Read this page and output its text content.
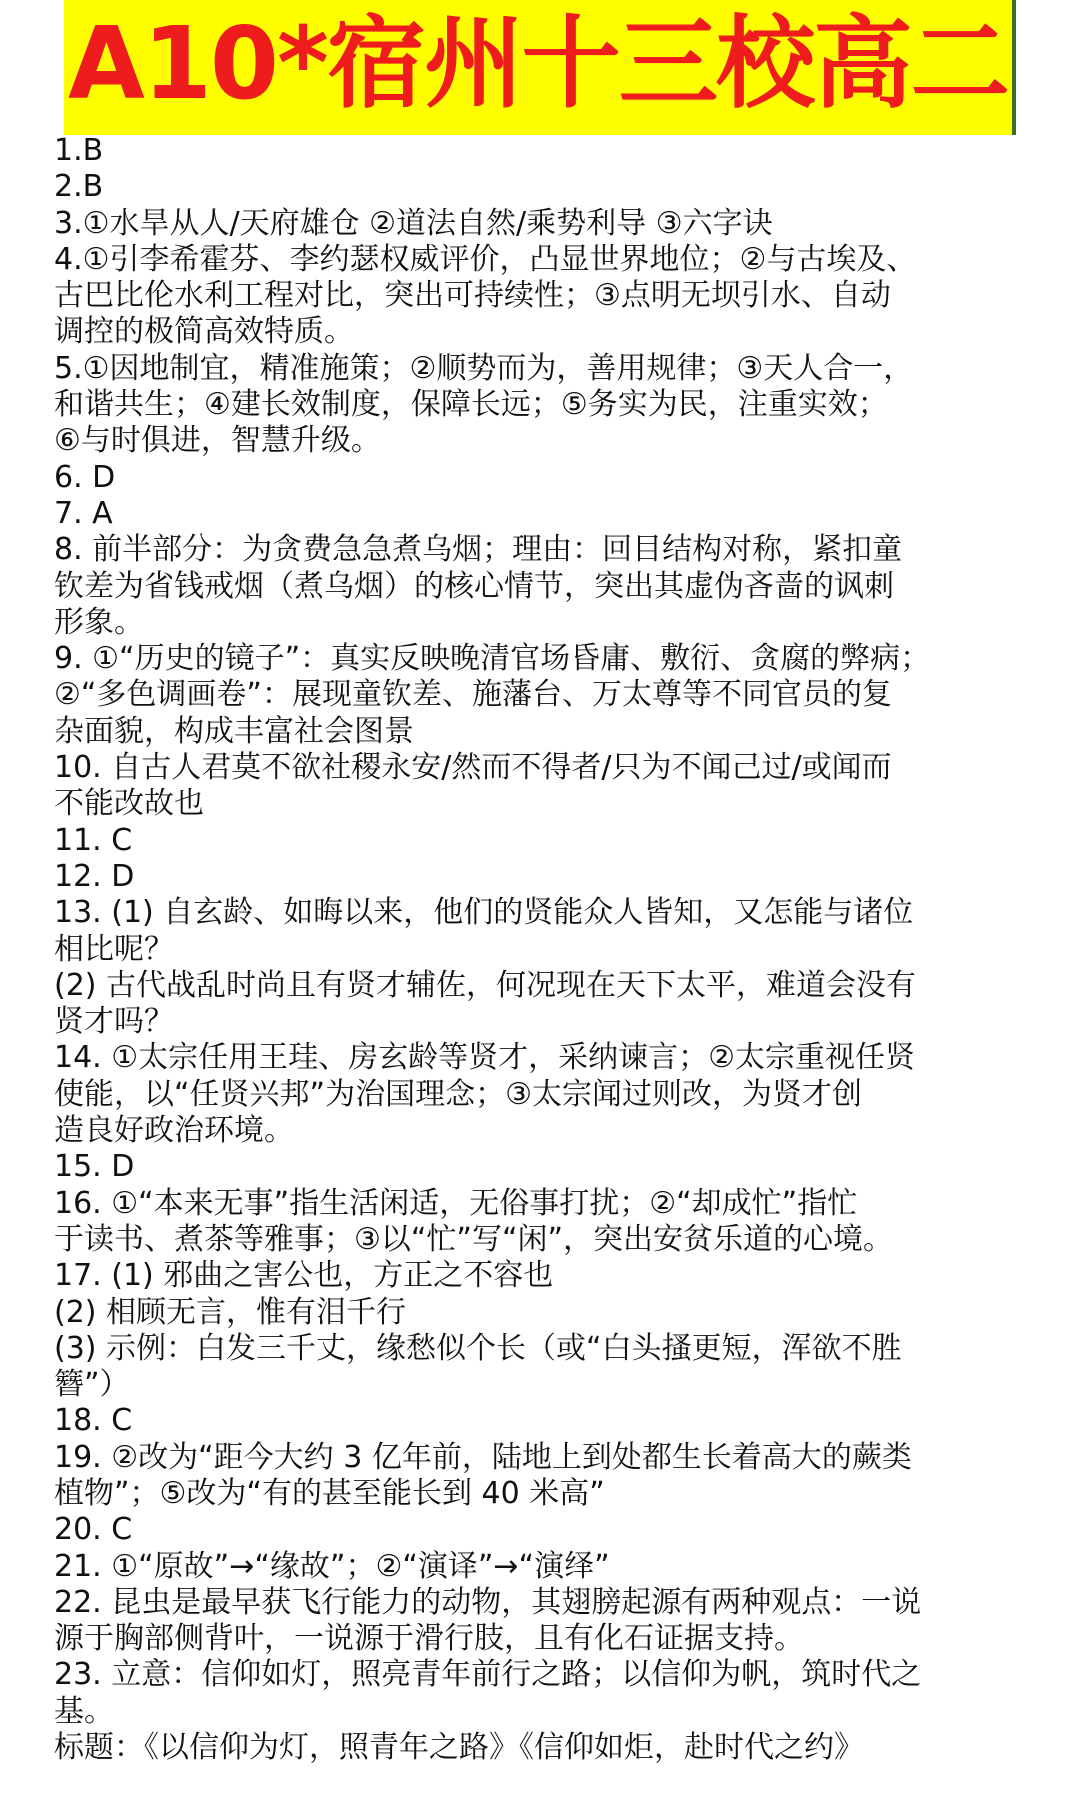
A10*宿州十三校高二
1.B
2.B
3.①水旱从人/天府雄仓 ②道法自然/乘势利导 ③六字诀
4.①引李希霍芬、李约瑟权威评价，凸显世界地位；②与古埃及、
古巴比伦水利工程对比，突出可持续性；③点明无坝引水、自动
调控的极简高效特质。
5.①因地制宜，精准施策；②顺势而为，善用规律；③天人合一，
和谐共生；④建长效制度，保障长远；⑤务实为民，注重实效；
⑥与时俱进，智慧升级。
6. D
7. A
8. 前半部分：为贪费急急煮乌烟；理由：回目结构对称，紧扣童
钦差为省钱戒烟（煮乌烟）的核心情节，突出其虚伪吝啬的讽刺
形象。
9. ①“历史的镜子”：真实反映晚清官场昏庸、敷衍、贪腐的弊病；
②“多色调画卷”：展现童钦差、施藩台、万太尊等不同官员的复
杂面貌，构成丰富社会图景
10. 自古人君莫不欲社稷永安/然而不得者/只为不闻己过/或闻而
不能改故也
11. C
12. D
13. (1) 自玄龄、如晦以来，他们的贤能众人皆知，又怎能与诸位
相比呢？
(2) 古代战乱时尚且有贤才辅佐，何况现在天下太平，难道会没有
贤才吗？
14. ①太宗任用王珪、房玄龄等贤才，采纳谏言；②太宗重视任贤
使能，以“任贤兴邦”为治国理念；③太宗闻过则改，为贤才创
造良好政治环境。
15. D
16. ①“本来无事”指生活闲适，无俗事打扰；②“却成忙”指忙
于读书、煮茶等雅事；③以“忙”写“闲”，突出安贫乐道的心境。
17. (1) 邪曲之害公也，方正之不容也
(2) 相顾无言，惟有泪千行
(3) 示例：白发三千丈，缘愁似个长（或“白头搔更短，浑欲不胜
簪”）
18. C
19. ②改为“距今大约 3 亿年前，陆地上到处都生长着高大的蕨类
植物”；⑤改为“有的甚至能长到 40 米高”
20. C
21. ①“原故”→“缘故”；②“演译”→“演绎”
22. 昆虫是最早获飞行能力的动物，其翅膀起源有两种观点：一说
源于胸部侧背叶，一说源于滑行肢，且有化石证据支持。
23. 立意：信仰如灯，照亮青年前行之路；以信仰为帆，筑时代之
基。
标题：《以信仰为灯，照青年之路》《信仰如炬，赴时代之约》
